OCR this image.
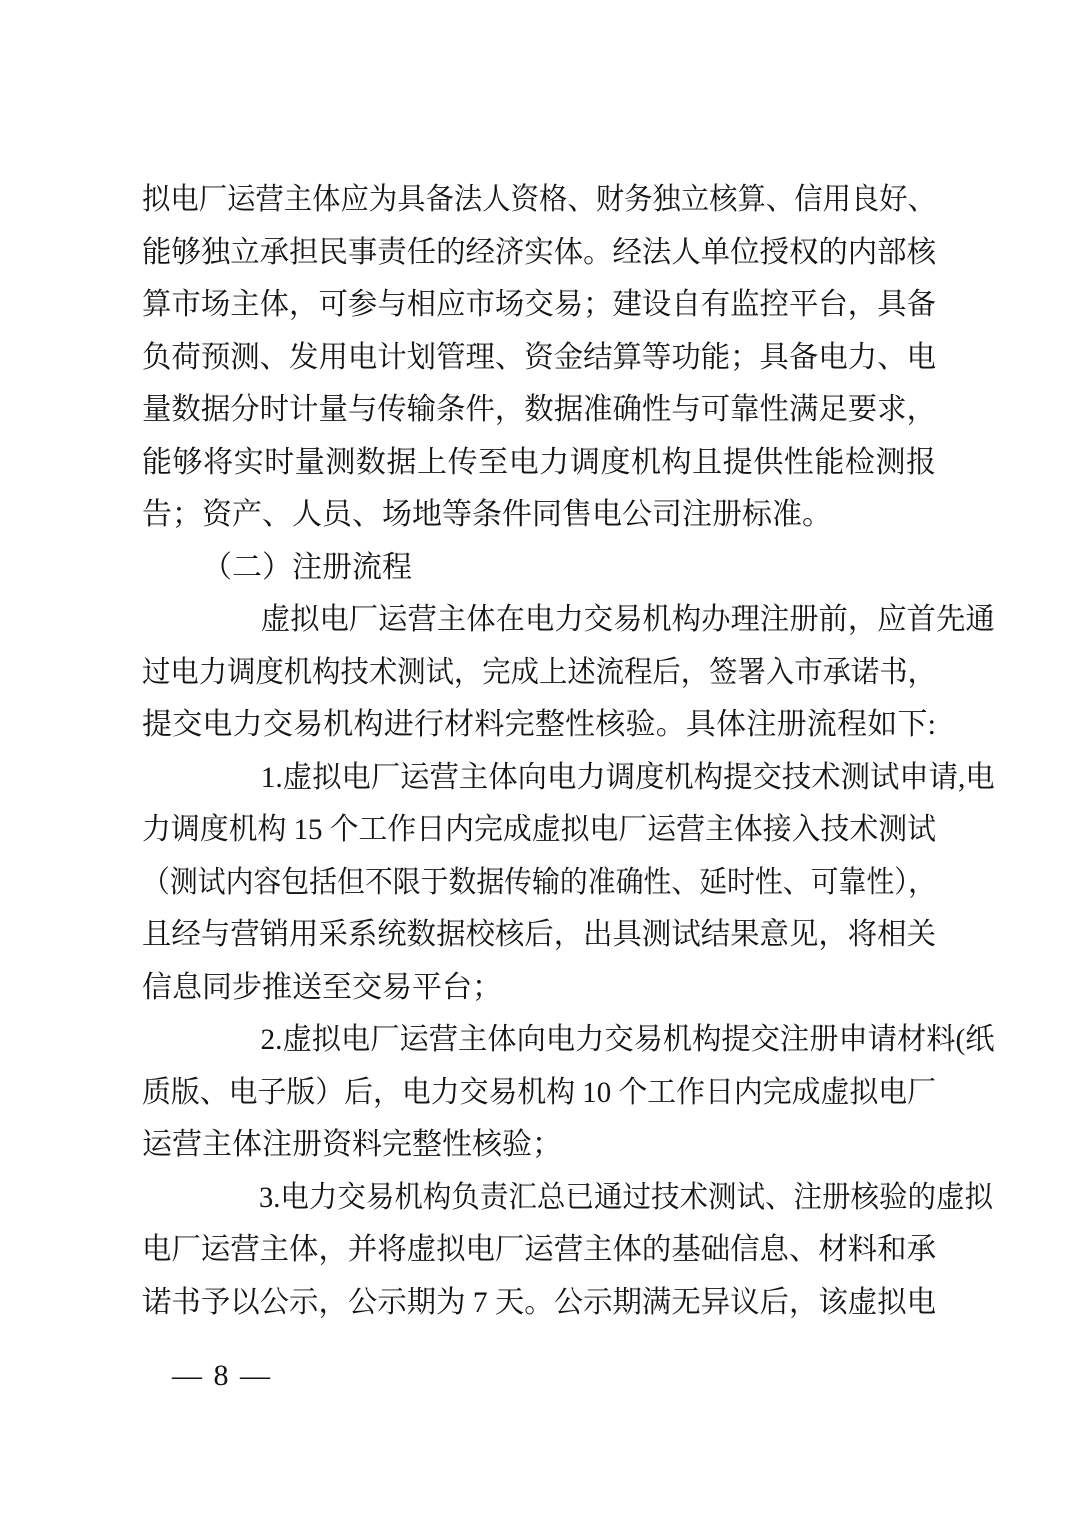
拟电厂运营主体应为具备法人资格、财务独立核算、信用良好、
能够独立承担民事责任的经济实体。经法人单位授权的内部核
算市场主体，可参与相应市场交易；建设自有监控平台，具备
负荷预测、发用电计划管理、资金结算等功能；具备电力、电
量数据分时计量与传输条件，数据准确性与可靠性满足要求，
能够将实时量测数据上传至电力调度机构且提供性能检测报
告；资产、人员、场地等条件同售电公司注册标准。
（二）注册流程
虚拟电厂运营主体在电力交易机构办理注册前，应首先通
过电力调度机构技术测试，完成上述流程后，签署入市承诺书，
提交电力交易机构进行材料完整性核验。具体注册流程如下:
1.虚拟电厂运营主体向电力调度机构提交技术测试申请,电
力调度机构 15 个工作日内完成虚拟电厂运营主体接入技术测试
（测试内容包括但不限于数据传输的准确性、延时性、可靠性），
且经与营销用采系统数据校核后，出具测试结果意见，将相关
信息同步推送至交易平台；
2.虚拟电厂运营主体向电力交易机构提交注册申请材料(纸
质版、电子版）后，电力交易机构 10 个工作日内完成虚拟电厂
运营主体注册资料完整性核验；
3.电力交易机构负责汇总已通过技术测试、注册核验的虚拟
电厂运营主体，并将虚拟电厂运营主体的基础信息、材料和承
诺书予以公示，公示期为 7 天。公示期满无异议后，该虚拟电
— 8 —
